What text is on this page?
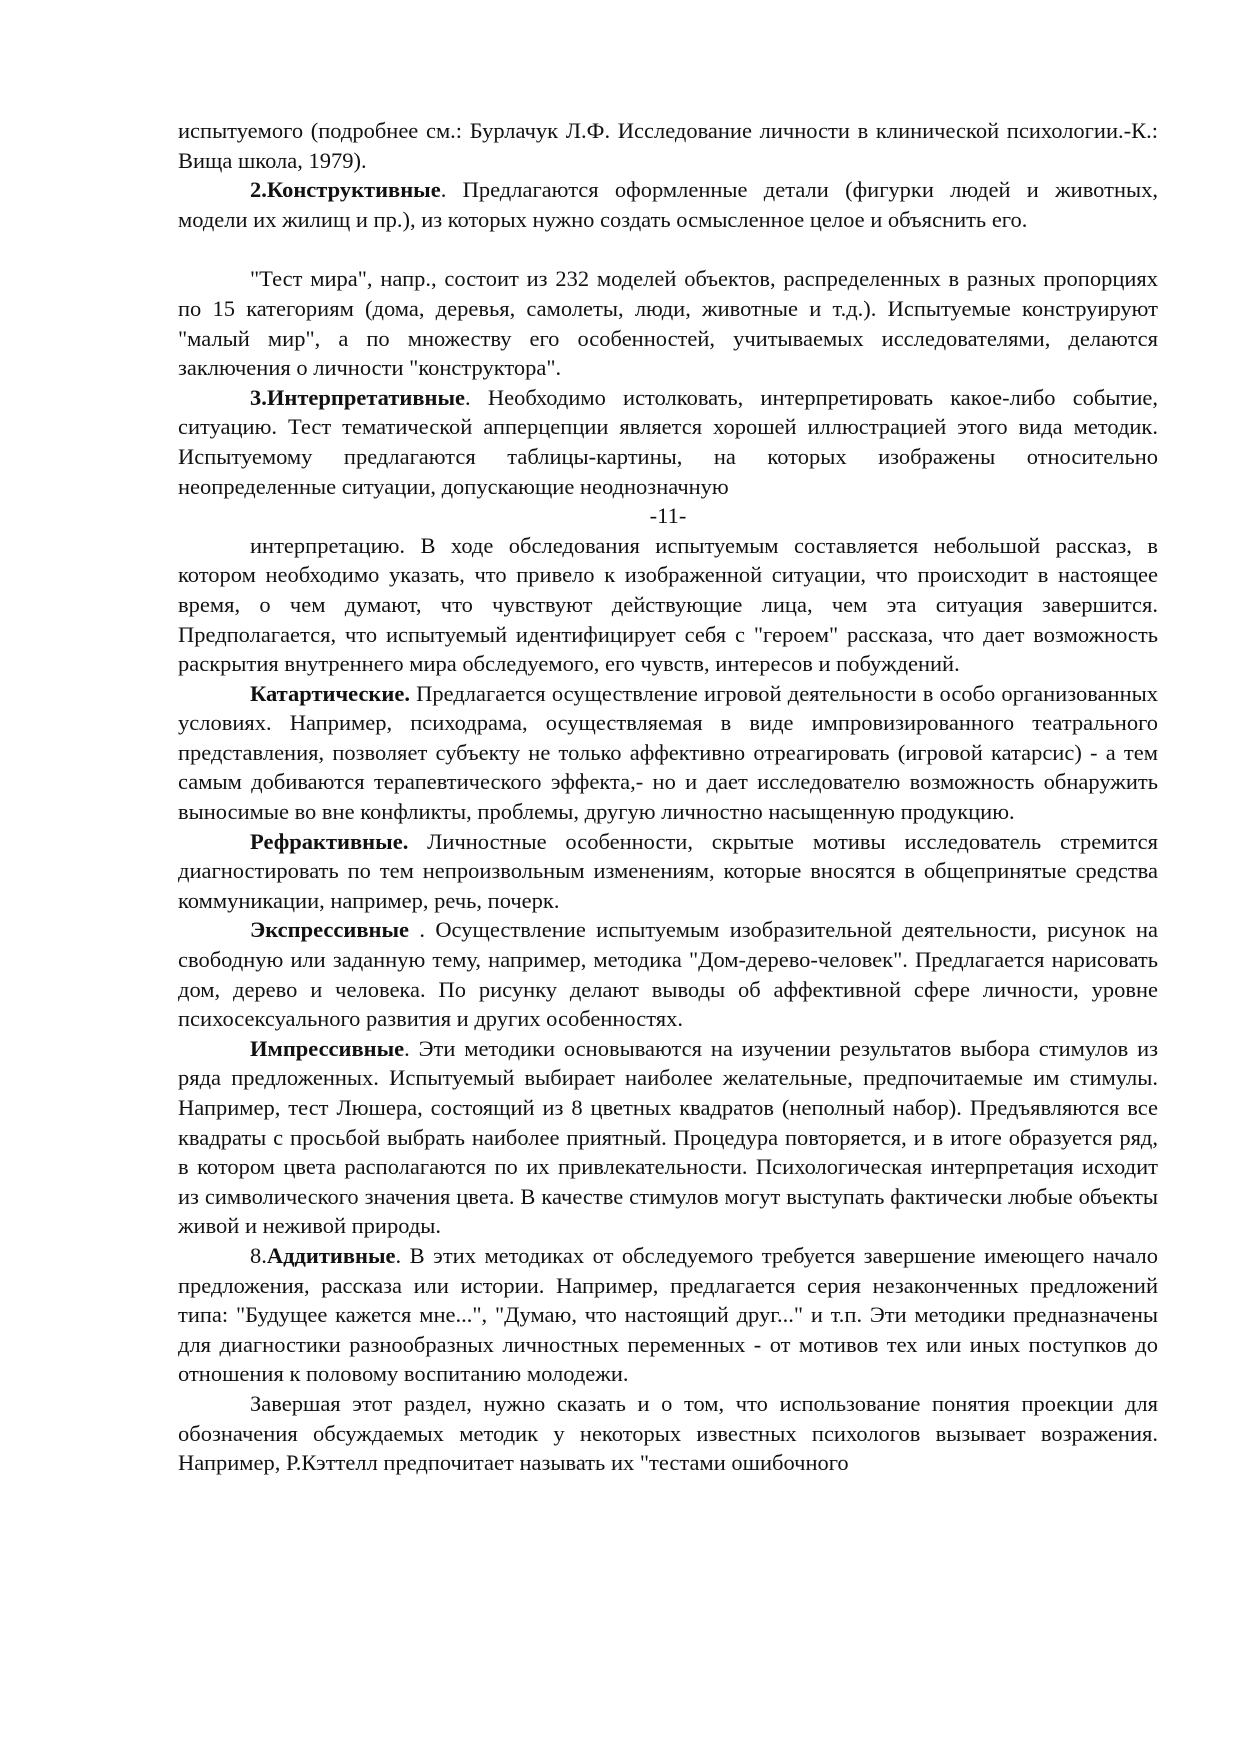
испытуемого (подробнее см.: Бурлачук Л.Ф. Исследование личности в клинической психологии.-К.: Вища школа, 1979).

2.Конструктивные. Предлагаются оформленные детали (фигурки людей и животных, модели их жилищ и пр.), из которых нужно создать осмысленное целое и объяснить его.

"Тест мира", напр., состоит из 232 моделей объектов, распределенных в разных пропорциях по 15 категориям (дома, деревья, самолеты, люди, животные и т.д.). Испытуемые конструируют "малый мир", а по множеству его особенностей, учитываемых исследователями, делаются заключения о личности "конструктора".

3.Интерпретативные. Необходимо истолковать, интерпретировать какое-либо событие, ситуацию. Тест тематической апперцепции является хорошей иллюстрацией этого вида методик. Испытуемому предлагаются таблицы-картины, на которых изображены относительно неопределенные ситуации, допускающие неоднозначную

-11-

интерпретацию. В ходе обследования испытуемым составляется небольшой рассказ, в котором необходимо указать, что привело к изображенной ситуации, что происходит в настоящее время, о чем думают, что чувствуют действующие лица, чем эта ситуация завершится. Предполагается, что испытуемый идентифицирует себя с "героем" рассказа, что дает возможность раскрытия внутреннего мира обследуемого, его чувств, интересов и побуждений.

Катартические. Предлагается осуществление игровой деятельности в особо организованных условиях. Например, психодрама, осуществляемая в виде импровизированного театрального представления, позволяет субъекту не только аффективно отреагировать (игровой катарсис) - а тем самым добиваются терапевтического эффекта,- но и дает исследователю возможность обнаружить выносимые во вне конфликты, проблемы, другую личностно насыщенную продукцию.

Рефрактивные. Личностные особенности, скрытые мотивы исследователь стремится диагностировать по тем непроизвольным изменениям, которые вносятся в общепринятые средства коммуникации, например, речь, почерк.

Экспрессивные . Осуществление испытуемым изобразительной деятельности, рисунок на свободную или заданную тему, например, методика "Дом-дерево-человек". Предлагается нарисовать дом, дерево и человека. По рисунку делают выводы об аффективной сфере личности, уровне психосексуального развития и других особенностях.

Импрессивные. Эти методики основываются на изучении результатов выбора стимулов из ряда предложенных. Испытуемый выбирает наиболее желательные, предпочитаемые им стимулы. Например, тест Люшера, состоящий из 8 цветных квадратов (неполный набор). Предъявляются все квадраты с просьбой выбрать наиболее приятный. Процедура повторяется, и в итоге образуется ряд, в котором цвета располагаются по их привлекательности. Психологическая интерпретация исходит из символического значения цвета. В качестве стимулов могут выступать фактически любые объекты живой и неживой природы.

8.Аддитивные. В этих методиках от обследуемого требуется завершение имеющего начало предложения, рассказа или истории. Например, предлагается серия незаконченных предложений типа: "Будущее кажется мне...", "Думаю, что настоящий друг..." и т.п. Эти методики предназначены для диагностики разнообразных личностных переменных - от мотивов тех или иных поступков до отношения к половому воспитанию молодежи.

Завершая этот раздел, нужно сказать и о том, что использование понятия проекции для обозначения обсуждаемых методик у некоторых известных психологов вызывает возражения. Например, Р.Кэттелл предпочитает называть их "тестами ошибочного
